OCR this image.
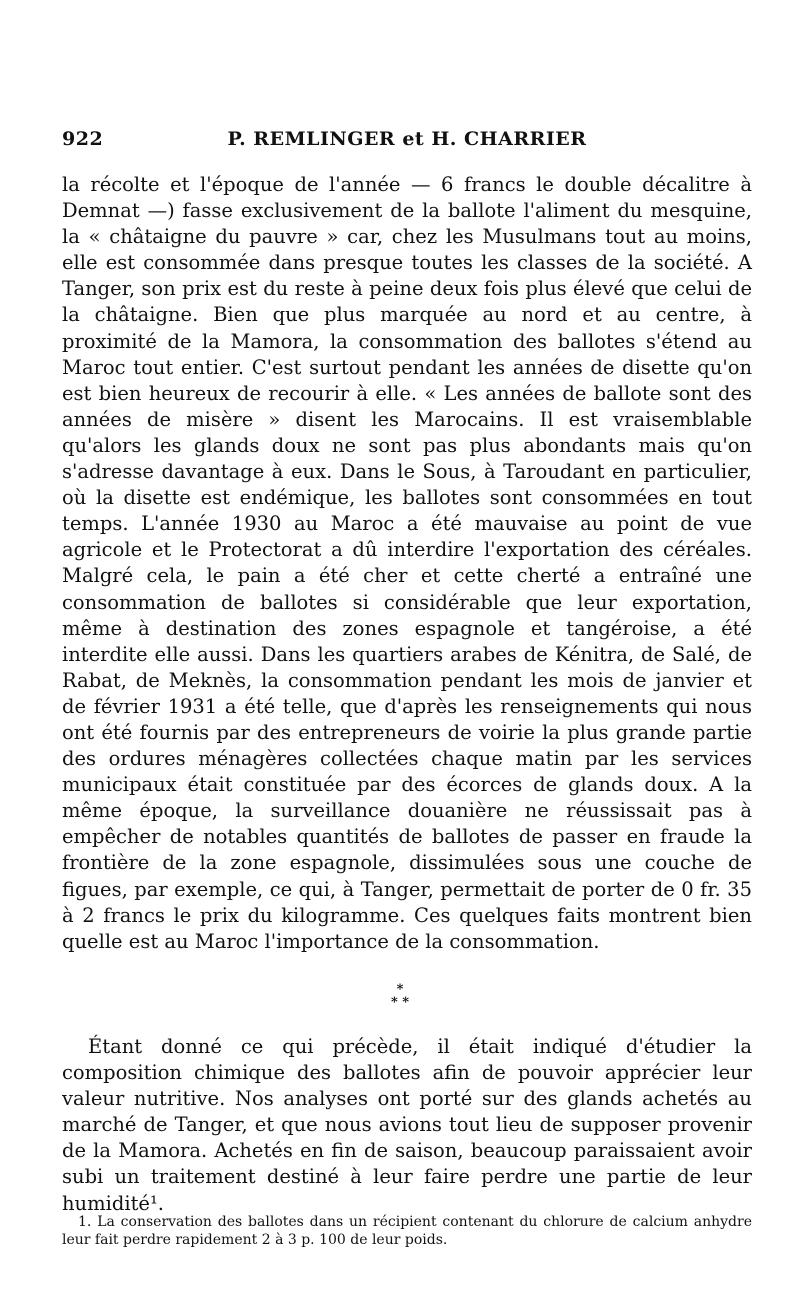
922	P. REMLINGER et H. CHARRIER

la récolte et l'époque de l'année — 6 francs le double décalitre à Demnat —) fasse exclusivement de la ballote l'aliment du mesquine, la « châtaigne du pauvre » car, chez les Musulmans tout au moins, elle est consommée dans presque toutes les classes de la société. A Tanger, son prix est du reste à peine deux fois plus élevé que celui de la châtaigne. Bien que plus marquée au nord et au centre, à proximité de la Mamora, la consommation des ballotes s'étend au Maroc tout entier. C'est surtout pendant les années de disette qu'on est bien heureux de recourir à elle. « Les années de ballote sont des années de misère » disent les Marocains. Il est vraisemblable qu'alors les glands doux ne sont pas plus abondants mais qu'on s'adresse davantage à eux. Dans le Sous, à Taroudant en particulier, où la disette est endémique, les ballotes sont consommées en tout temps. L'année 1930 au Maroc a été mauvaise au point de vue agricole et le Protectorat a dû interdire l'exportation des céréales. Malgré cela, le pain a été cher et cette cherté a entraîné une consommation de ballotes si considérable que leur exportation, même à destination des zones espagnole et tangéroise, a été interdite elle aussi. Dans les quartiers arabes de Kénitra, de Salé, de Rabat, de Meknès, la consommation pendant les mois de janvier et de février 1931 a été telle, que d'après les renseignements qui nous ont été fournis par des entrepreneurs de voirie la plus grande partie des ordures ménagères collectées chaque matin par les services municipaux était constituée par des écorces de glands doux. A la même époque, la surveillance douanière ne réussissait pas à empêcher de notables quantités de ballotes de passer en fraude la frontière de la zone espagnole, dissimulées sous une couche de figues, par exemple, ce qui, à Tanger, permettait de porter de 0 fr. 35 à 2 francs le prix du kilogramme. Ces quelques faits montrent bien quelle est au Maroc l'importance de la consommation.

*
* *

Étant donné ce qui précède, il était indiqué d'étudier la composition chimique des ballotes afin de pouvoir apprécier leur valeur nutritive. Nos analyses ont porté sur des glands achetés au marché de Tanger, et que nous avions tout lieu de supposer provenir de la Mamora. Achetés en fin de saison, beaucoup paraissaient avoir subi un traitement destiné à leur faire perdre une partie de leur humidité¹.

1. La conservation des ballotes dans un récipient contenant du chlorure de calcium anhydre leur fait perdre rapidement 2 à 3 p. 100 de leur poids.
